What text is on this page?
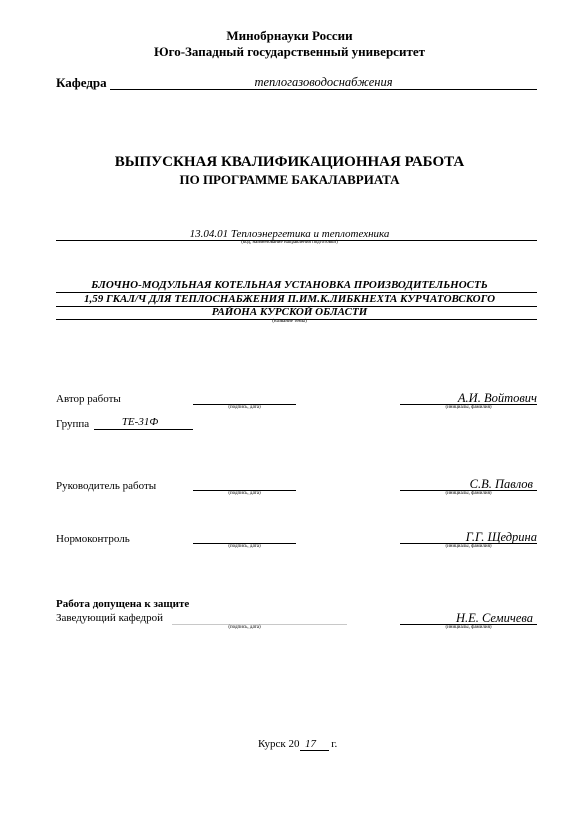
Минобрнауки России
Юго-Западный государственный университет
Кафедра	теплогазоводоснабжения
ВЫПУСКНАЯ КВАЛИФИКАЦИОННАЯ РАБОТА
ПО ПРОГРАММЕ БАКАЛАВРИАТА
13.04.01 Теплоэнергетика и теплотехника
(код, наименование направления подготовки)
БЛОЧНО-МОДУЛЬНАЯ КОТЕЛЬНАЯ УСТАНОВКА ПРОИЗВОДИТЕЛЬНОСТЬ
1,59 ГКАЛ/Ч ДЛЯ ТЕПЛОСНАБЖЕНИЯ П.ИМ.К.ЛИБКНЕХТА КУРЧАТОВСКОГО
РАЙОНА КУРСКОЙ ОБЛАСТИ
(название темы)
Автор работы
(подпись, дата)
А.И. Войтович
(инициалы, фамилия)
Группа	ТЕ-31Ф
Руководитель работы
(подпись, дата)
С.В. Павлов
(инициалы, фамилия)
Нормоконтроль
(подпись, дата)
Г.Г. Щедрина
(инициалы, фамилия)
Работа допущена к защите
Заведующий кафедрой
(подпись, дата)
Н.Е. Семичева
(инициалы, фамилия)
Курск 20 17 г.
